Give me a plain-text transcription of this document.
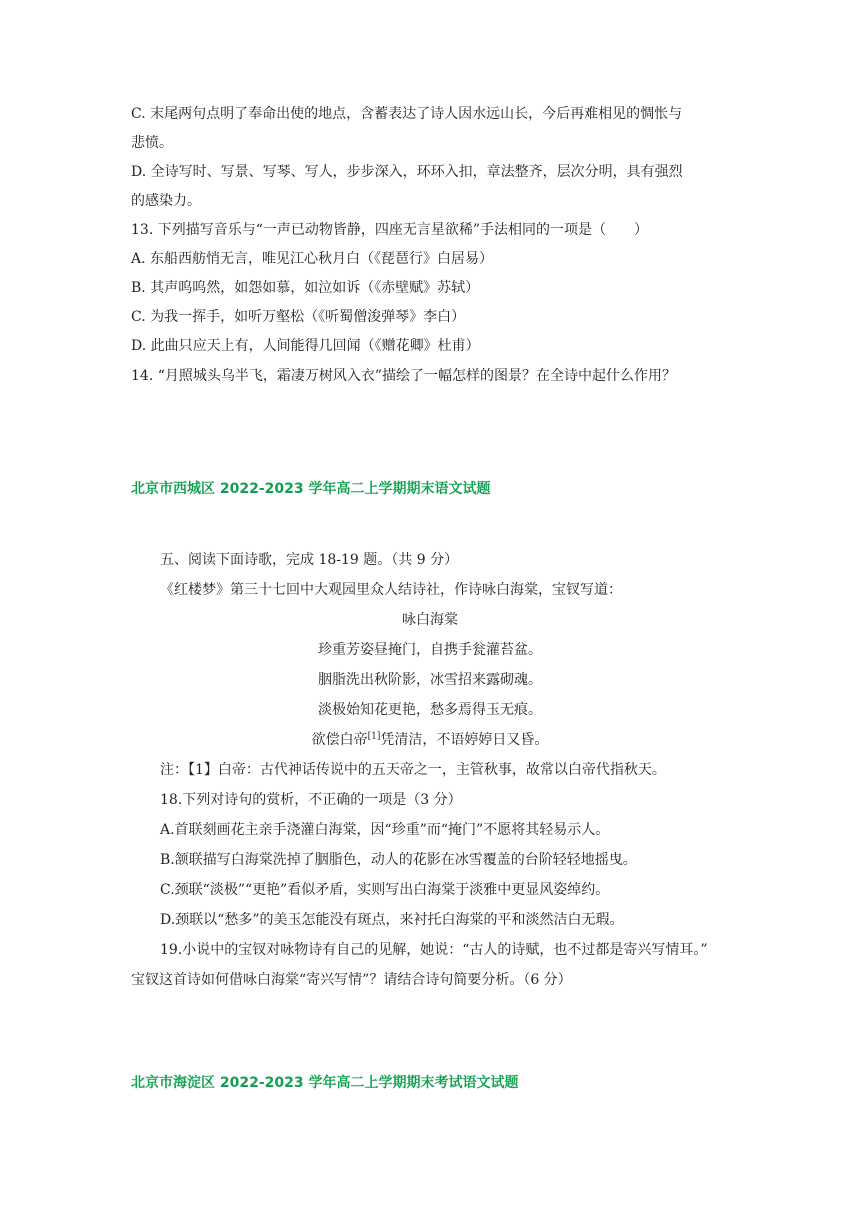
C. 末尾两句点明了奉命出使的地点，含蓄表达了诗人因水远山长，今后再难相见的惆怅与
悲愤。
D. 全诗写时、写景、写琴、写人，步步深入，环环入扣，章法整齐，层次分明，具有强烈
的感染力。
13. 下列描写音乐与“一声已动物皆静，四座无言星欲稀”手法相同的一项是（　　）
A. 东船西舫悄无言，唯见江心秋月白（《琵琶行》白居易）
B. 其声呜呜然，如怨如慕，如泣如诉（《赤壁赋》苏轼）
C. 为我一挥手，如听万壑松（《听蜀僧浚弹琴》李白）
D. 此曲只应天上有，人间能得几回闻（《赠花卿》杜甫）
14. “月照城头乌半飞，霜凄万树风入衣”描绘了一幅怎样的图景？在全诗中起什么作用？
北京市西城区 2022-2023 学年高二上学期期末语文试题
五、阅读下面诗歌，完成 18-19 题。（共 9 分）
《红楼梦》第三十七回中大观园里众人结诗社，作诗咏白海棠，宝钗写道：
咏白海棠
珍重芳姿昼掩门，自携手瓮灌苔盆。
胭脂洗出秋阶影，冰雪招来露砌魂。
淡极始知花更艳，愁多焉得玉无痕。
欲偿白帝[1]凭清洁，不语婷婷日又昏。
注：【1】白帝：古代神话传说中的五天帝之一，主管秋事，故常以白帝代指秋天。
18.下列对诗句的赏析，不正确的一项是（3 分）
A.首联刻画花主亲手浇灌白海棠，因“珍重”而“掩门”不愿将其轻易示人。
B.颔联描写白海棠洗掉了胭脂色，动人的花影在冰雪覆盖的台阶轻轻地摇曳。
C.颈联“淡极”“更艳”看似矛盾，实则写出白海棠于淡雅中更显风姿绰约。
D.颈联以“愁多”的美玉怎能没有斑点，来衬托白海棠的平和淡然洁白无瑕。
19.小说中的宝钗对咏物诗有自己的见解，她说：“古人的诗赋，也不过都是寄兴写情耳。”
宝钗这首诗如何借咏白海棠“寄兴写情”？请结合诗句简要分析。（6 分）
北京市海淀区 2022-2023 学年高二上学期期末考试语文试题
